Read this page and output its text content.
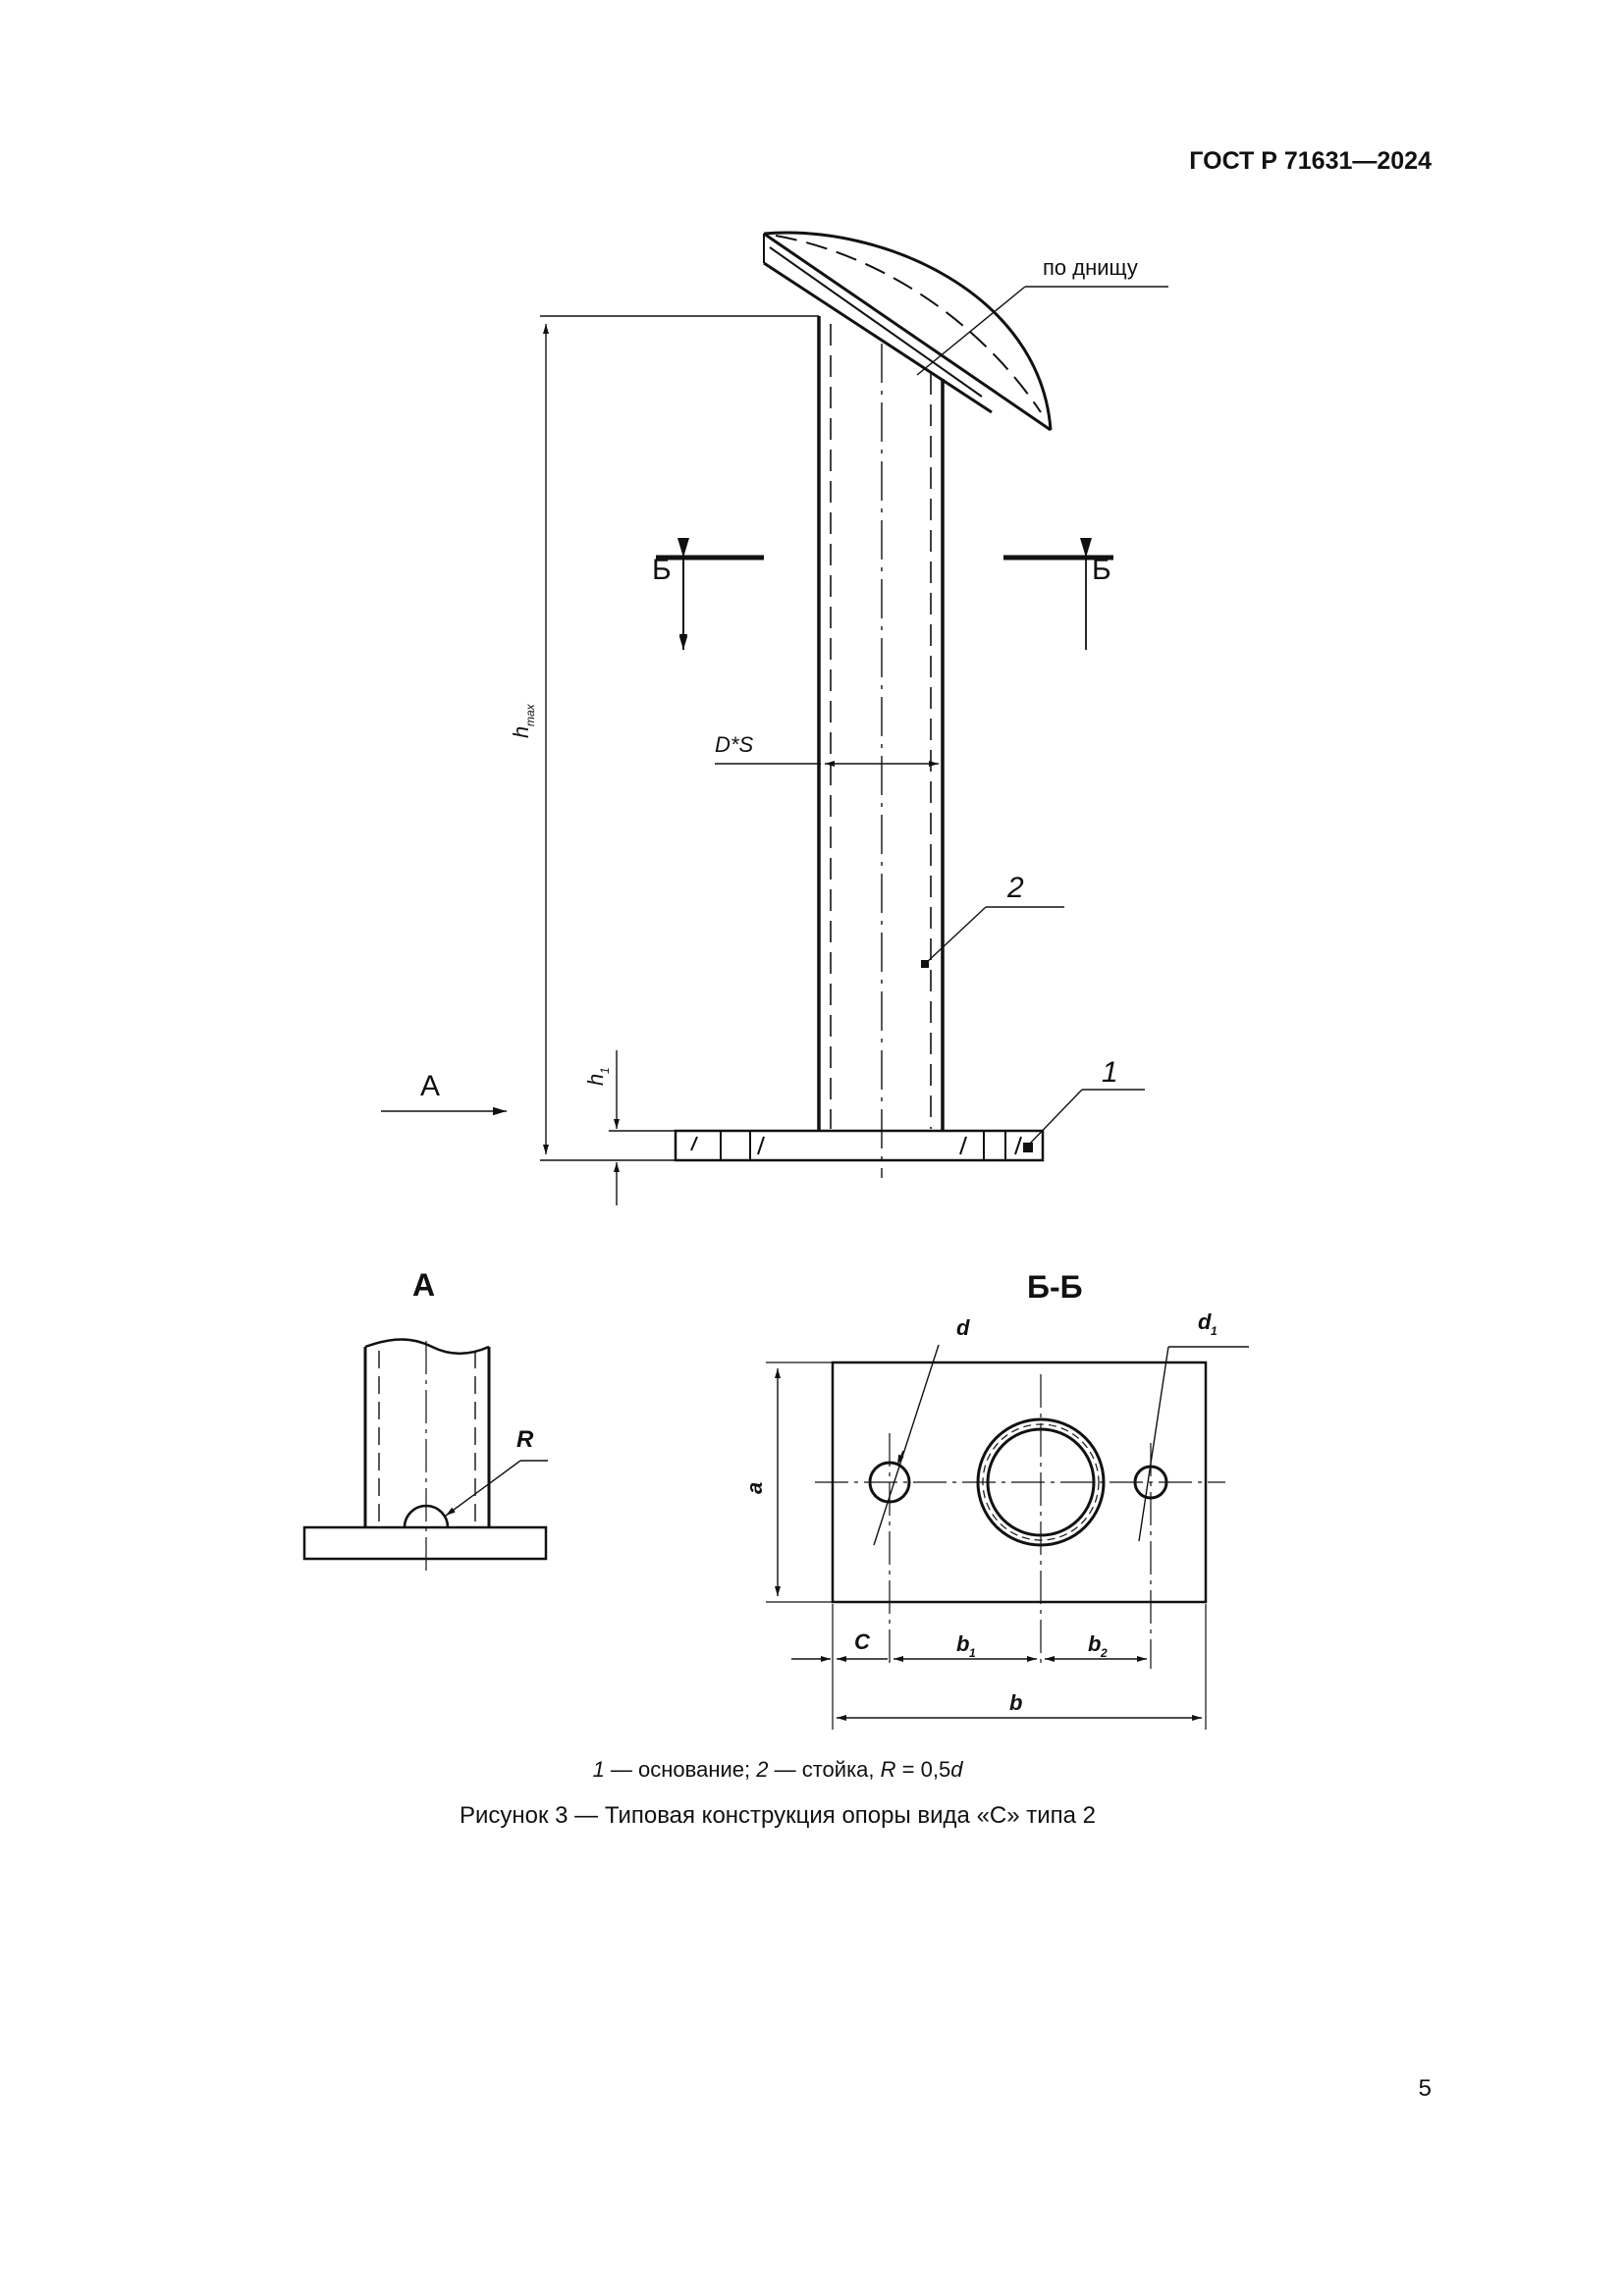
ГОСТ Р 71631—2024
по днищу
Б	Б
D*S
2
1
А
h
max
h
1
А
R
Б-Б
d	d 1
a
C	b 1	b 2
b
1 — основание; 2 — стойка, R = 0,5d
Рисунок 3 — Типовая конструкция опоры вида «С» типа 2
5
